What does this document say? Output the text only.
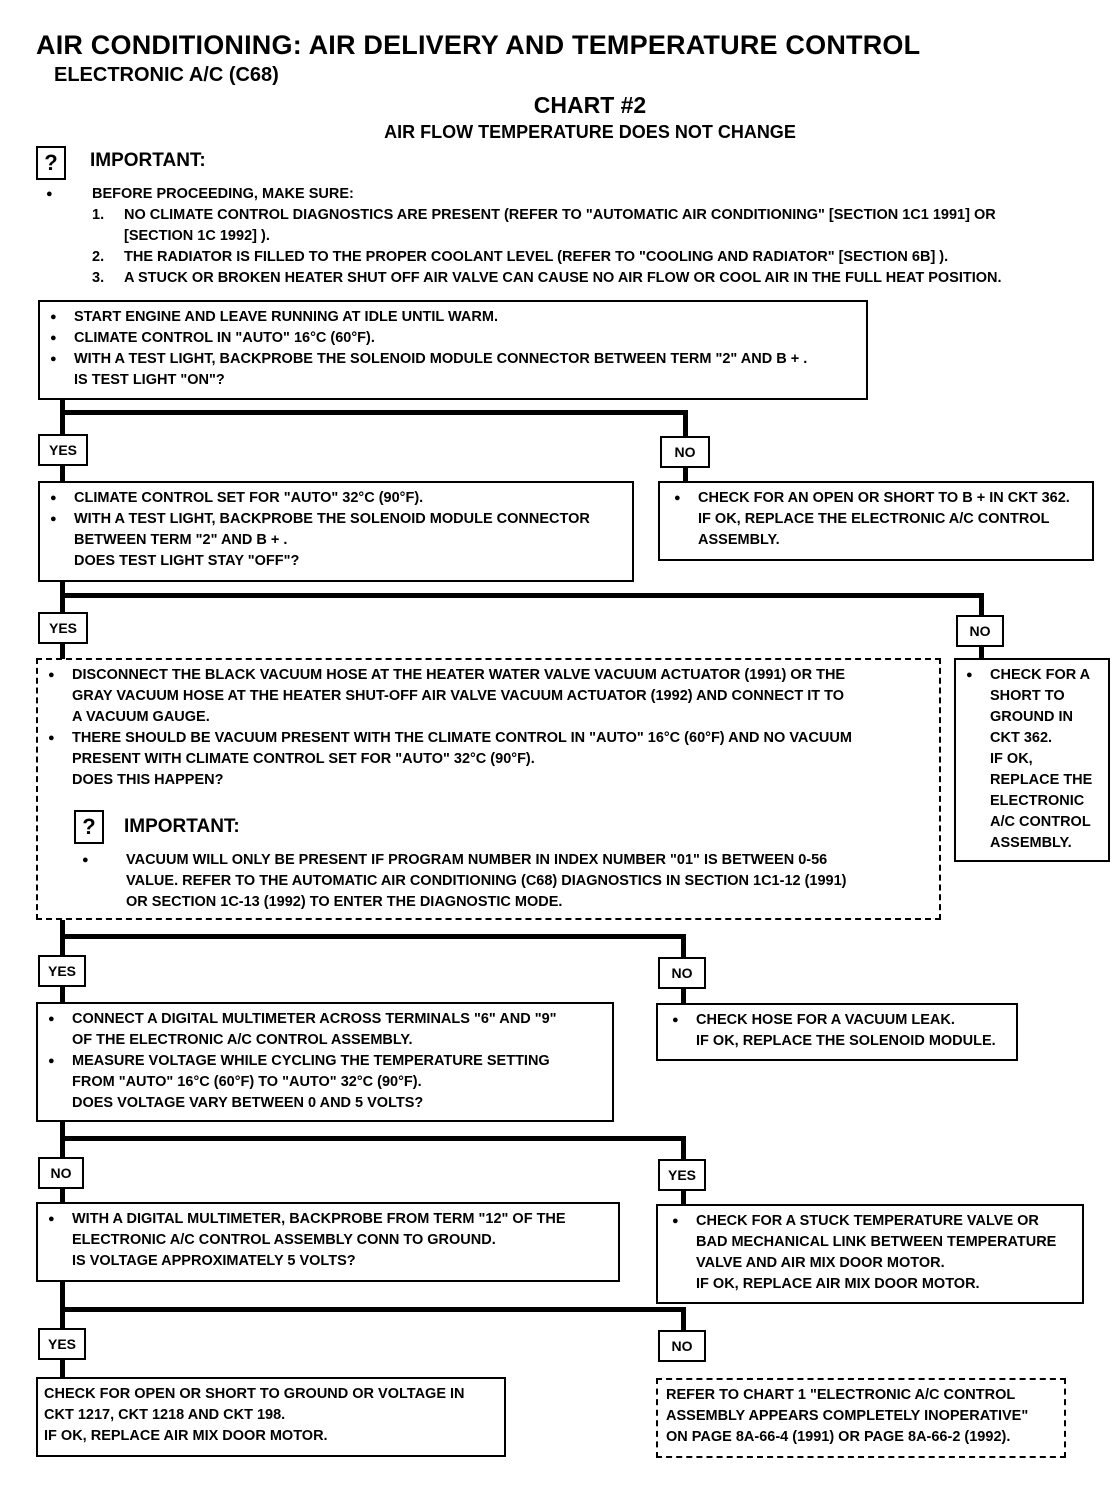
AIR CONDITIONING: AIR DELIVERY AND TEMPERATURE CONTROL
ELECTRONIC A/C (C68)
CHART #2
AIR FLOW TEMPERATURE DOES NOT CHANGE
?	IMPORTANT:
●	BEFORE PROCEEDING, MAKE SURE:
1. NO CLIMATE CONTROL DIAGNOSTICS ARE PRESENT (REFER TO "AUTOMATIC AIR CONDITIONING" [SECTION 1C1 1991] OR
[SECTION 1C 1992] ).
2. THE RADIATOR IS FILLED TO THE PROPER COOLANT LEVEL (REFER TO "COOLING AND RADIATOR" [SECTION 6B] ).
3. A STUCK OR BROKEN HEATER SHUT OFF AIR VALVE CAN CAUSE NO AIR FLOW OR COOL AIR IN THE FULL HEAT POSITION.
● START ENGINE AND LEAVE RUNNING AT IDLE UNTIL WARM.
● CLIMATE CONTROL IN "AUTO" 16°C (60°F).
● WITH A TEST LIGHT, BACKPROBE THE SOLENOID MODULE CONNECTOR BETWEEN TERM "2" AND B + .
IS TEST LIGHT "ON"?
YES	NO
● CLIMATE CONTROL SET FOR "AUTO" 32°C (90°F).
● WITH A TEST LIGHT, BACKPROBE THE SOLENOID MODULE CONNECTOR
BETWEEN TERM "2" AND B + .
DOES TEST LIGHT STAY "OFF"?
● CHECK FOR AN OPEN OR SHORT TO B + IN CKT 362.
IF OK, REPLACE THE ELECTRONIC A/C CONTROL
ASSEMBLY.
YES	NO
● DISCONNECT THE BLACK VACUUM HOSE AT THE HEATER WATER VALVE VACUUM ACTUATOR (1991) OR THE
GRAY VACUUM HOSE AT THE HEATER SHUT-OFF AIR VALVE VACUUM ACTUATOR (1992) AND CONNECT IT TO
A VACUUM GAUGE.
● THERE SHOULD BE VACUUM PRESENT WITH THE CLIMATE CONTROL IN "AUTO" 16°C (60°F) AND NO VACUUM
PRESENT WITH CLIMATE CONTROL SET FOR "AUTO" 32°C (90°F).
DOES THIS HAPPEN?
?	IMPORTANT:
●	VACUUM WILL ONLY BE PRESENT IF PROGRAM NUMBER IN INDEX NUMBER "01" IS BETWEEN 0-56
VALUE. REFER TO THE AUTOMATIC AIR CONDITIONING (C68) DIAGNOSTICS IN SECTION 1C1-12 (1991)
OR SECTION 1C-13 (1992) TO ENTER THE DIAGNOSTIC MODE.
● CHECK FOR A
SHORT TO
GROUND IN
CKT 362.
IF OK,
REPLACE THE
ELECTRONIC
A/C CONTROL
ASSEMBLY.
YES	NO
● CONNECT A DIGITAL MULTIMETER ACROSS TERMINALS "6" AND "9"
OF THE ELECTRONIC A/C CONTROL ASSEMBLY.
● MEASURE VOLTAGE WHILE CYCLING THE TEMPERATURE SETTING
FROM "AUTO" 16°C (60°F) TO "AUTO" 32°C (90°F).
DOES VOLTAGE VARY BETWEEN 0 AND 5 VOLTS?
● CHECK HOSE FOR A VACUUM LEAK.
IF OK, REPLACE THE SOLENOID MODULE.
NO	YES
● WITH A DIGITAL MULTIMETER, BACKPROBE FROM TERM "12" OF THE
ELECTRONIC A/C CONTROL ASSEMBLY CONN TO GROUND.
IS VOLTAGE APPROXIMATELY 5 VOLTS?
● CHECK FOR A STUCK TEMPERATURE VALVE OR
BAD MECHANICAL LINK BETWEEN TEMPERATURE
VALVE AND AIR MIX DOOR MOTOR.
IF OK, REPLACE AIR MIX DOOR MOTOR.
YES	NO
CHECK FOR OPEN OR SHORT TO GROUND OR VOLTAGE IN
CKT 1217, CKT 1218 AND CKT 198.
IF OK, REPLACE AIR MIX DOOR MOTOR.
REFER TO CHART 1 "ELECTRONIC A/C CONTROL
ASSEMBLY APPEARS COMPLETELY INOPERATIVE"
ON PAGE 8A-66-4 (1991) OR PAGE 8A-66-2 (1992).
